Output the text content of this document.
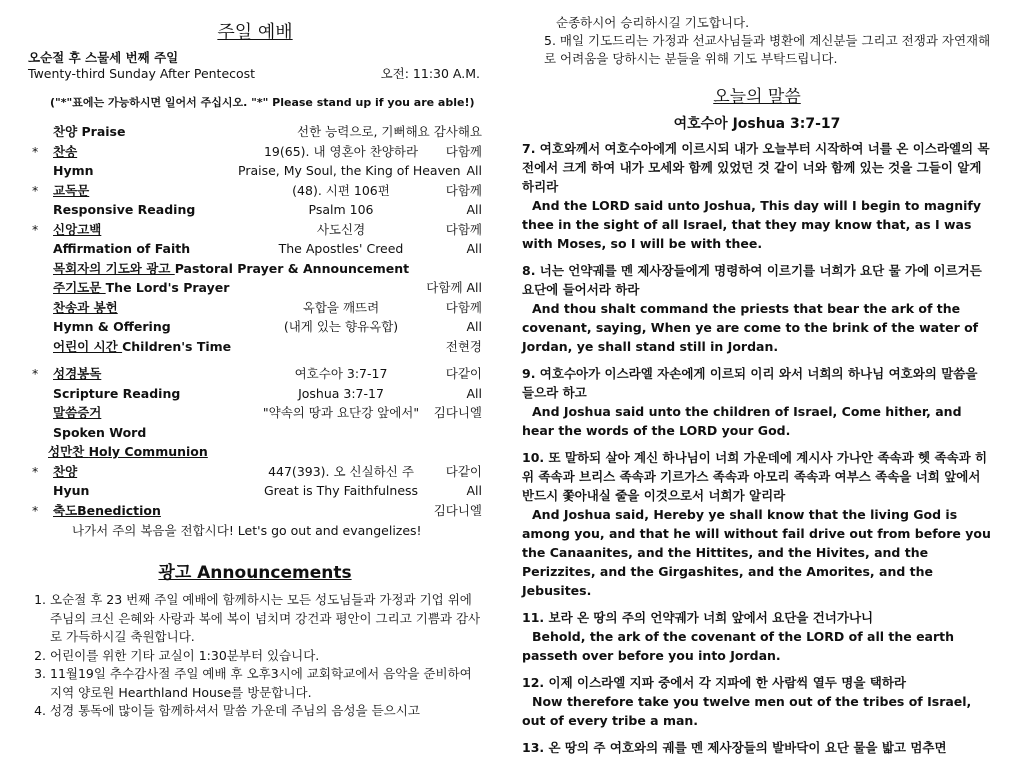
주일 예배
오순절 후 스물세 번째 주일
Twenty-third Sunday After Pentecost	오전: 11:30 A.M.
("*"표에는 가능하시면 일어서 주십시오. "*" Please stand up if you are able!)
찬양 Praise	선한 능력으로, 기뻐해요 감사해요
* 찬송	19(65). 내 영혼아 찬양하라	다함께
Hymn	Praise, My Soul, the King of Heaven All
* 교독문	(48). 시편 106편	다함께
Responsive Reading	Psalm 106	All
* 신앙고백	사도신경	다함께
Affirmation of Faith	The Apostles' Creed	All
목회자의 기도와 광고 Pastoral Prayer & Announcement
주기도문 The Lord's Prayer	다함께 All
찬송과 봉헌	옥합을 깨뜨려	다함께
Hymn & Offering	(내게 있는 향유옥합)	All
어린이 시간 Children's Time	전현경
* 성경봉독	여호수아 3:7-17	다같이
Scripture Reading	Joshua 3:7-17	All
말씀증거	"약속의 땅과 요단강 앞에서"	김다니엘
Spoken Word
성만찬 Holy Communion
* 찬양	447(393). 오 신실하신 주	다같이
Hyun	Great is Thy Faithfulness	All
* 축도Benediction	김다니엘
나가서 주의 복음을 전합시다! Let's go out and evangelizes!
광고 Announcements
1. 오순절 후 23 번째 주일 예배에 함께하시는 모든 성도님들과 가정과 기업 위에 주님의 크신 은혜와 사랑과 복에 복이 넘치며 강건과 평안이 그리고 기쁨과 감사로 가득하시길 축원합니다.
2. 어린이를 위한 기타 교실이 1:30분부터 있습니다.
3. 11월19일 추수감사절 주일 예배 후 오후3시에 교회학교에서 음악을 준비하여 지역 양로원 Hearthland House를 방문합니다.
4. 성경 통독에 많이들 함께하셔서 말씀 가운데 주님의 음성을 듣으시고
순종하시어 승리하시길 기도합니다.
5. 매일 기도드리는 가정과 선교사님들과 병환에 계신분들 그리고 전쟁과 자연재해로 어려움을 당하시는 분들을 위해 기도 부탁드립니다.
오늘의 말씀
여호수아 Joshua 3:7-17
7. 여호와께서 여호수아에게 이르시되 내가 오늘부터 시작하여 너를 온 이스라엘의 목전에서 크게 하여 내가 모세와 함께 있었던 것 같이 너와 함께 있는 것을 그들이 알게 하리라
And the LORD said unto Joshua, This day will I begin to magnify thee in the sight of all Israel, that they may know that, as I was with Moses, so I will be with thee.
8. 너는 언약궤를 멘 제사장들에게 명령하여 이르기를 너희가 요단 물 가에 이르거든 요단에 들어서라 하라
And thou shalt command the priests that bear the ark of the covenant, saying, When ye are come to the brink of the water of Jordan, ye shall stand still in Jordan.
9. 여호수아가 이스라엘 자손에게 이르되 이리 와서 너희의 하나님 여호와의 말씀을 들으라 하고
And Joshua said unto the children of Israel, Come hither, and hear the words of the LORD your God.
10. 또 말하되 살아 계신 하나님이 너희 가운데에 계시사 가나안 족속과 헷 족속과 히위 족속과 브리스 족속과 기르가스 족속과 아모리 족속과 여부스 족속을 너희 앞에서 반드시 쫓아내실 줄을 이것으로서 너희가 알리라
And Joshua said, Hereby ye shall know that the living God is among you, and that he will without fail drive out from before you the Canaanites, and the Hittites, and the Hivites, and the Perizzites, and the Girgashites, and the Amorites, and the Jebusites.
11. 보라 온 땅의 주의 언약궤가 너희 앞에서 요단을 건너가나니
Behold, the ark of the covenant of the LORD of all the earth passeth over before you into Jordan.
12. 이제 이스라엘 지파 중에서 각 지파에 한 사람씩 열두 명을 택하라
Now therefore take you twelve men out of the tribes of Israel, out of every tribe a man.
13. 온 땅의 주 여호와의 궤를 멘 제사장들의 발바닥이 요단 물을 밟고 멈추면
